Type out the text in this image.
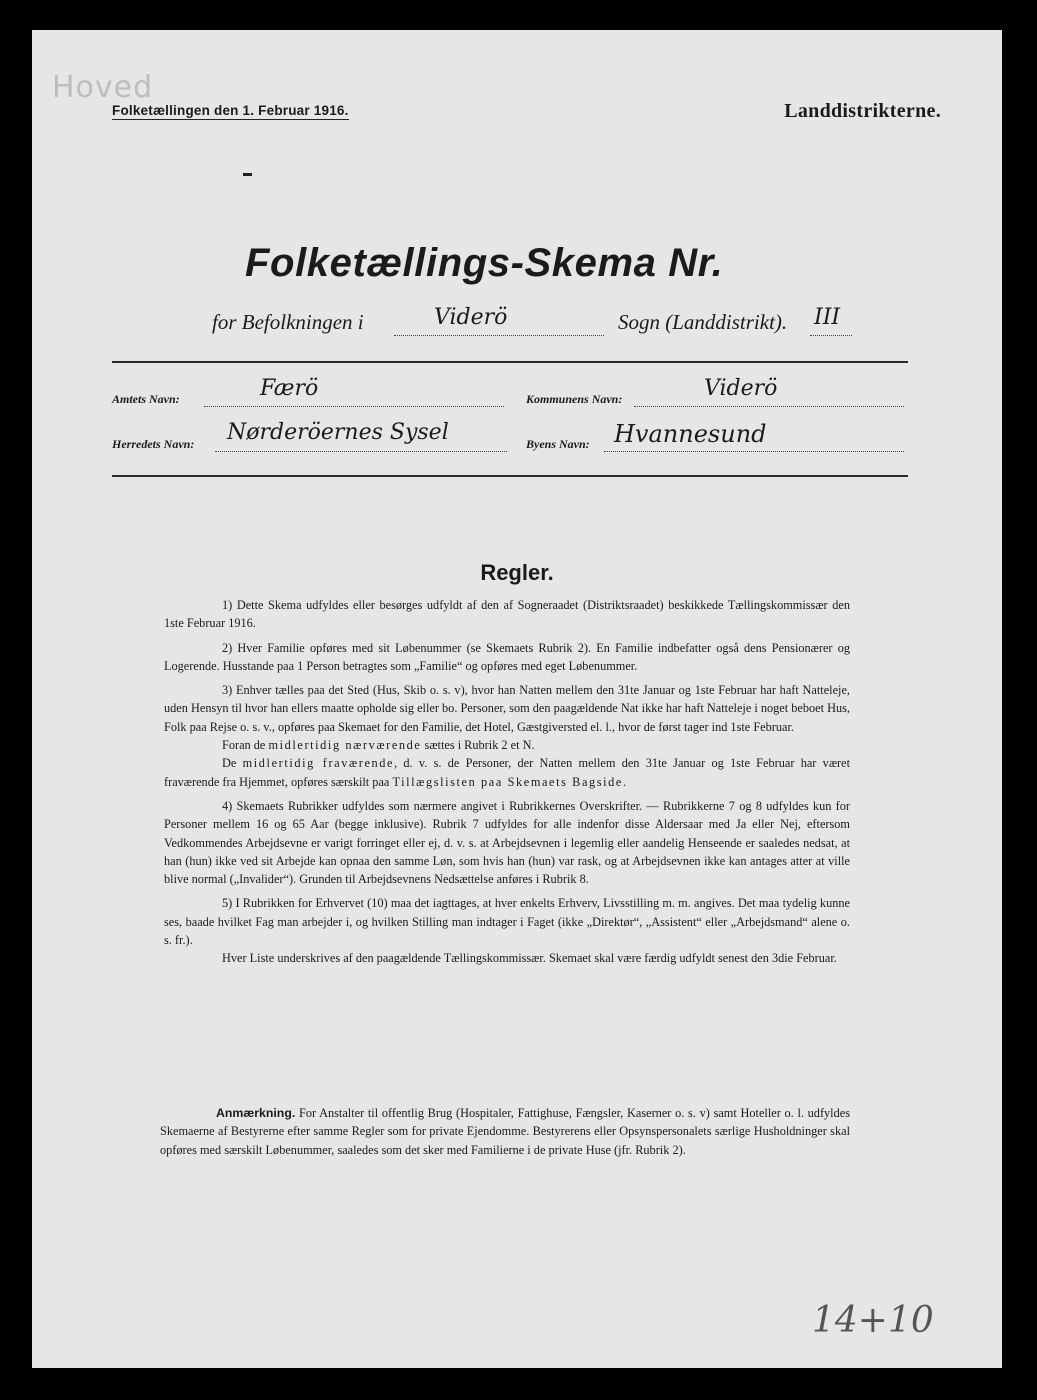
Hoved
Folketællingen den 1. Februar 1916.	Landdistrikterne.
Folketællings-Skema Nr.
for Befolkningen i	Viderö	Sogn (Landdistrikt). III
Amtets Navn:	Færö	Kommunens Navn:	Viderö
Herredets Navn: Nørderöernes Sysel	Byens Navn: Hvannesund
Regler.

1) Dette Skema udfyldes eller besørges udfyldt af den af Sogneraadet (Distriktsraadet) beskikkede Tællingskommissær den 1ste Februar 1916.

2) Hver Familie opføres med sit Løbenummer (se Skemaets Rubrik 2). En Familie indbefatter også dens Pensionærer og Logerende. Husstande paa 1 Person betragtes som „Familie“ og opføres med eget Løbenummer.

3) Enhver tælles paa det Sted (Hus, Skib o. s. v), hvor han Natten mellem den 31te Januar og 1ste Februar har haft Natteleje, uden Hensyn til hvor han ellers maatte opholde sig eller bo. Personer, som den paagældende Nat ikke har haft Natteleje i noget beboet Hus, Folk paa Rejse o. s. v., opføres paa Skemaet for den Familie, det Hotel, Gæstgiversted el. l., hvor de først tager ind 1ste Februar.

Foran de midlertidig nærværende sættes i Rubrik 2 et N.

De midlertidig fraværende, d. v. s. de Personer, der Natten mellem den 31te Januar og 1ste Februar har været fraværende fra Hjemmet, opføres særskilt paa Tillægslisten paa Skemaets Bagside.

4) Skemaets Rubrikker udfyldes som nærmere angivet i Rubrikkernes Overskrifter. — Rubrikkerne 7 og 8 udfyldes kun for Personer mellem 16 og 65 Aar (begge inklusive). Rubrik 7 udfyldes for alle indenfor disse Aldersaar med Ja eller Nej, eftersom Vedkommendes Arbejdsevne er varigt forringet eller ej, d. v. s. at Arbejdsevnen i legemlig eller aandelig Henseende er saaledes nedsat, at han (hun) ikke ved sit Arbejde kan opnaa den samme Løn, som hvis han (hun) var rask, og at Arbejdsevnen ikke kan antages atter at ville blive normal („Invalider“). Grunden til Arbejdsevnens Nedsættelse anføres i Rubrik 8.

5) I Rubrikken for Erhvervet (10) maa det iagttages, at hver enkelts Erhverv, Livsstilling m. m. angives. Det maa tydelig kunne ses, baade hvilket Fag man arbejder i, og hvilken Stilling man indtager i Faget (ikke „Direktør“, „Assistent“ eller „Arbejdsmand“ alene o. s. fr.).

Hver Liste underskrives af den paagældende Tællingskommissær. Skemaet skal være færdig udfyldt senest den 3die Februar.

Anmærkning. For Anstalter til offentlig Brug (Hospitaler, Fattighuse, Fængsler, Kaserner o. s. v) samt Hoteller o. l. udfyldes Skemaerne af Bestyrerne efter samme Regler som for private Ejendomme. Bestyrerens eller Opsynspersonalets særlige Husholdninger skal opføres med særskilt Løbenummer, saaledes som det sker med Familierne i de private Huse (jfr. Rubrik 2).
14+10
